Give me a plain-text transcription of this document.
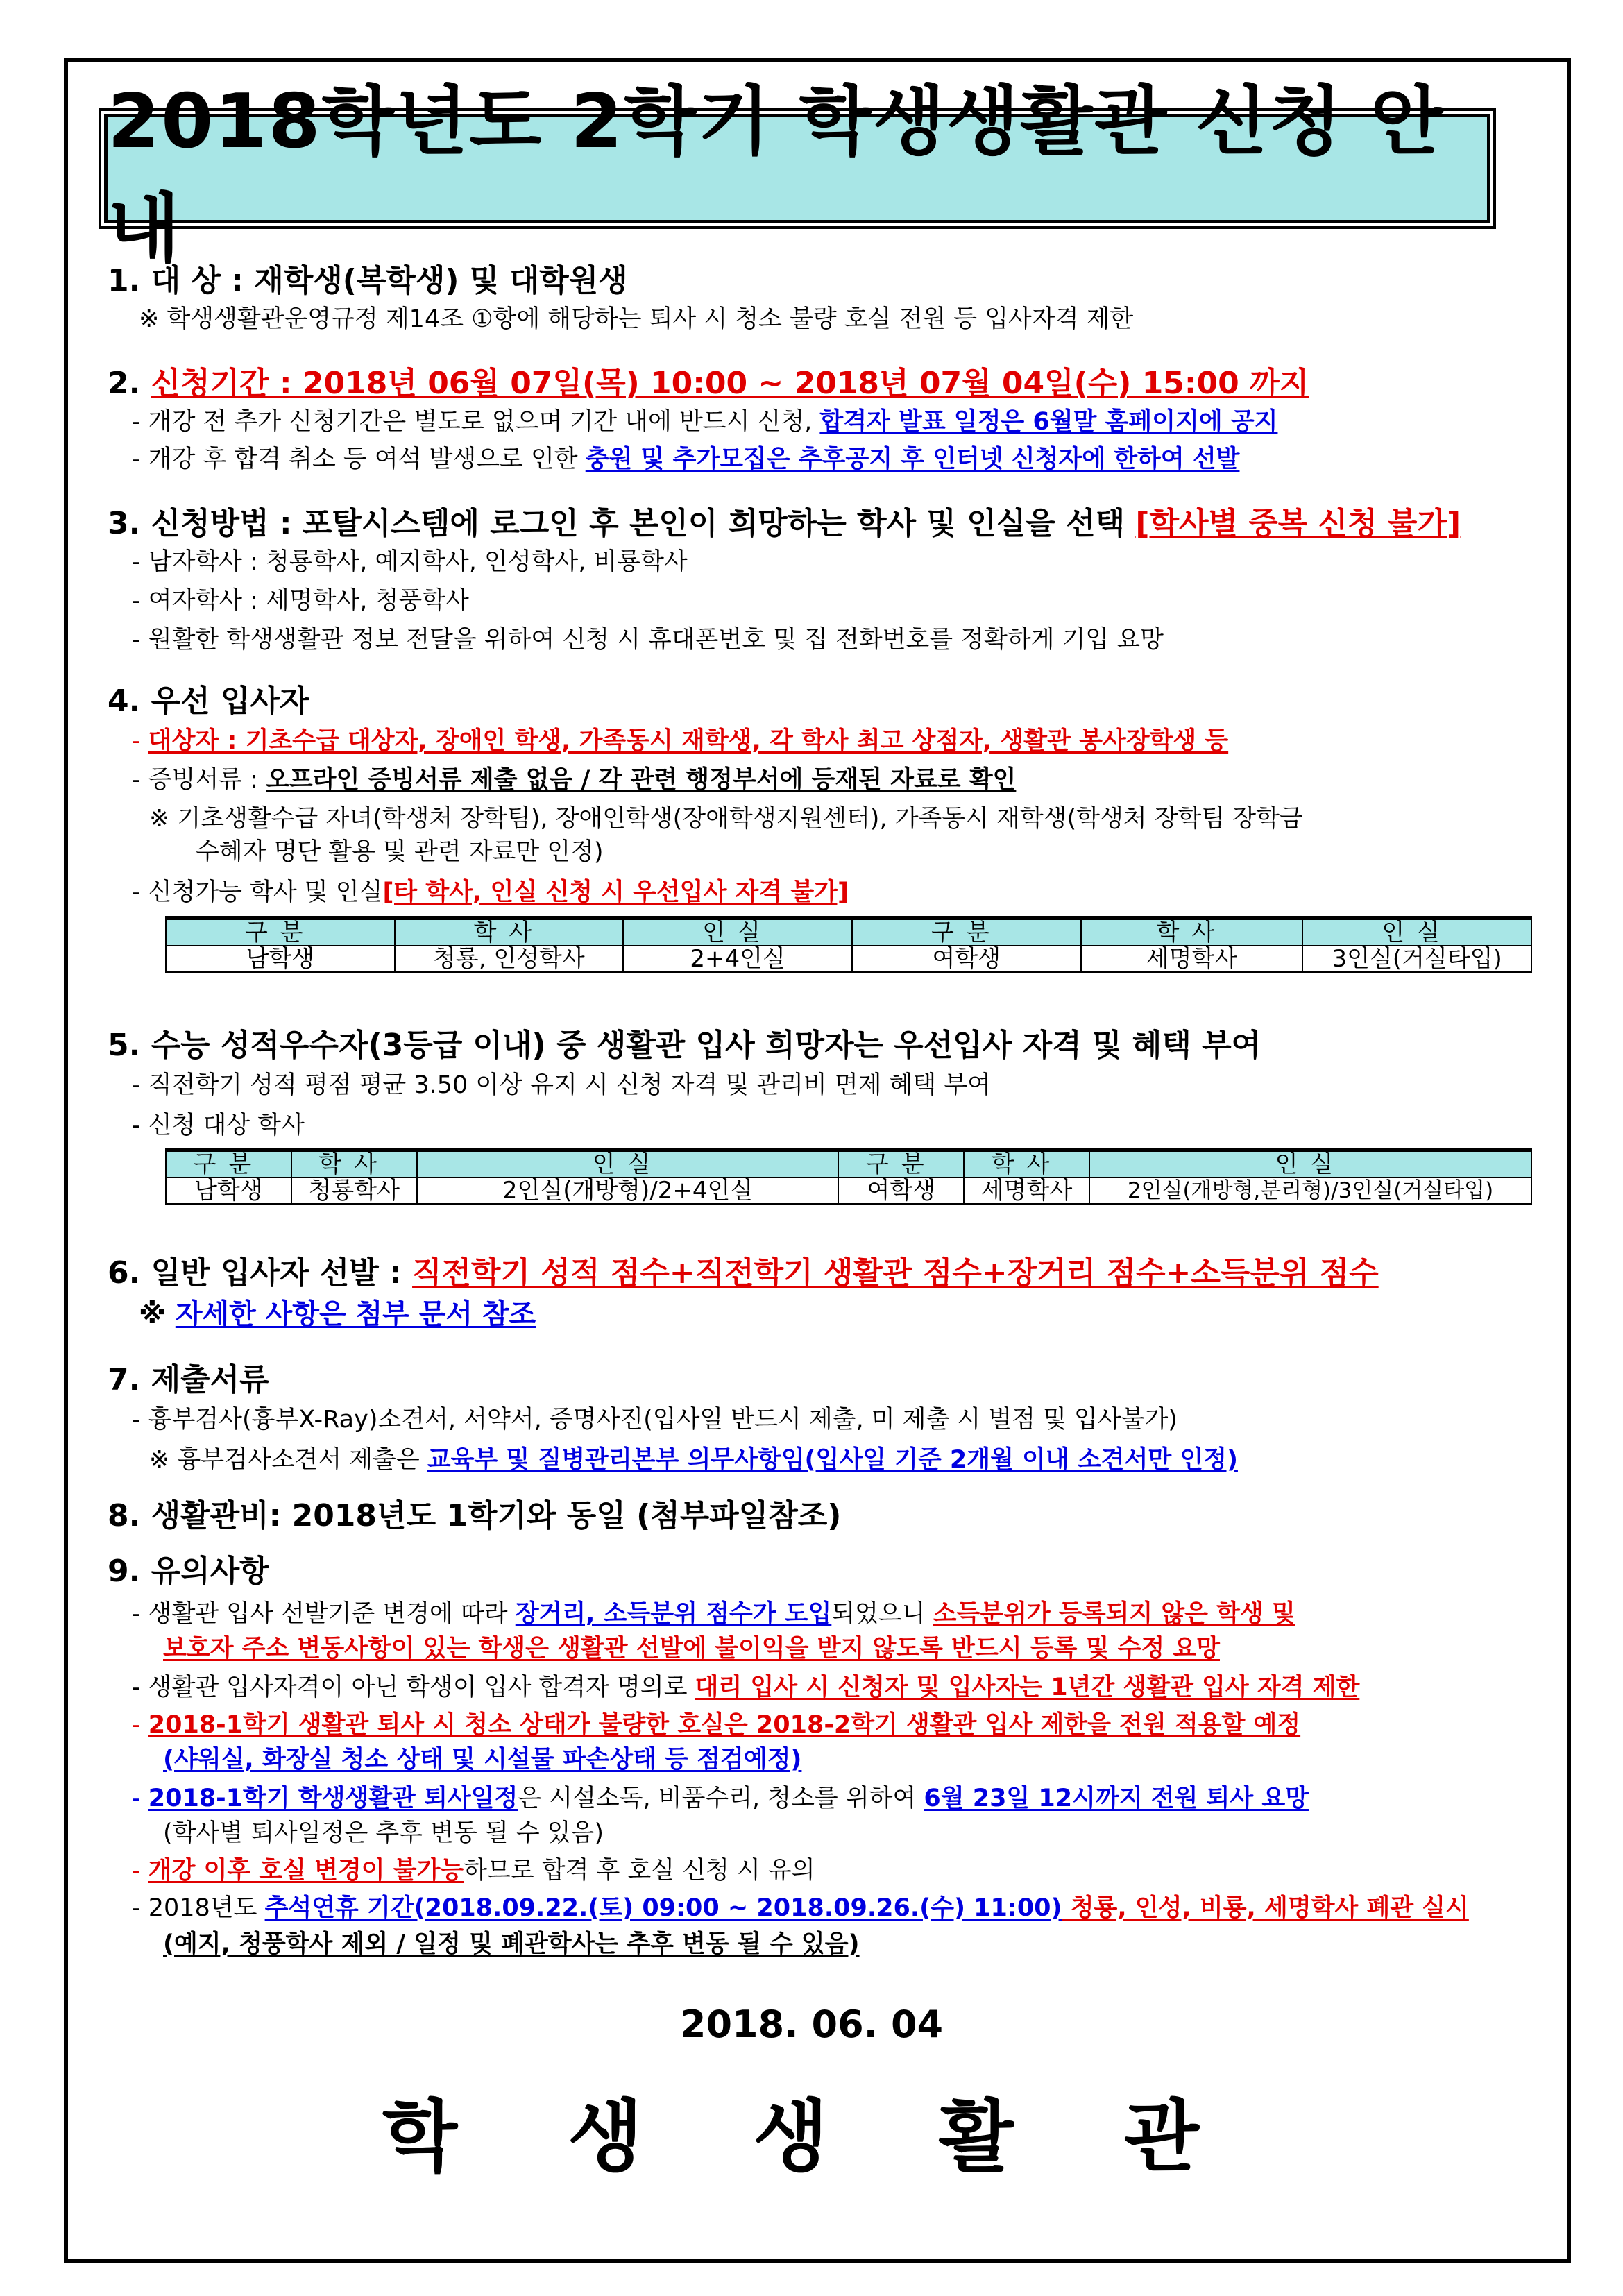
2018학년도 2학기 학생생활관 신청 안내
1. 대 상 : 재학생(복학생) 및 대학원생
※ 학생생활관운영규정 제14조 ①항에 해당하는 퇴사 시 청소 불량 호실 전원 등 입사자격 제한
2. 신청기간 : 2018년 06월 07일(목) 10:00 ~ 2018년 07월 04일(수) 15:00 까지
- 개강 전 추가 신청기간은 별도로 없으며 기간 내에 반드시 신청, 합격자 발표 일정은 6월말 홈페이지에 공지
- 개강 후 합격 취소 등 여석 발생으로 인한 충원 및 추가모집은 추후공지 후 인터넷 신청자에 한하여 선발
3. 신청방법 : 포탈시스템에 로그인 후 본인이 희망하는 학사 및 인실을 선택 [학사별 중복 신청 불가]
- 남자학사 : 청룡학사, 예지학사, 인성학사, 비룡학사
- 여자학사 : 세명학사, 청풍학사
- 원활한 학생생활관 정보 전달을 위하여 신청 시 휴대폰번호 및 집 전화번호를 정확하게 기입 요망
4. 우선 입사자
- 대상자 : 기초수급 대상자, 장애인 학생, 가족동시 재학생, 각 학사 최고 상점자, 생활관 봉사장학생 등
- 증빙서류 : 오프라인 증빙서류 제출 없음 / 각 관련 행정부서에 등재된 자료로 확인
※ 기초생활수급 자녀(학생처 장학팀), 장애인학생(장애학생지원센터), 가족동시 재학생(학생처 장학팀 장학금
수혜자 명단 활용 및 관련 자료만 인정)
- 신청가능 학사 및 인실[타 학사, 인실 신청 시 우선입사 자격 불가]
구분	학사	인실	구분	학사	인실
남학생	청룡, 인성학사	2+4인실	여학생	세명학사	3인실(거실타입)
5. 수능 성적우수자(3등급 이내) 중 생활관 입사 희망자는 우선입사 자격 및 혜택 부여
- 직전학기 성적 평점 평균 3.50 이상 유지 시 신청 자격 및 관리비 면제 혜택 부여
- 신청 대상 학사
구분	학사	인실	구분	학사	인실
남학생	청룡학사	2인실(개방형)/2+4인실	여학생	세명학사	2인실(개방형,분리형)/3인실(거실타입)
6. 일반 입사자 선발 : 직전학기 성적 점수+직전학기 생활관 점수+장거리 점수+소득분위 점수
※ 자세한 사항은 첨부 문서 참조
7. 제출서류
- 흉부검사(흉부X-Ray)소견서, 서약서, 증명사진(입사일 반드시 제출, 미 제출 시 벌점 및 입사불가)
※ 흉부검사소견서 제출은 교육부 및 질병관리본부 의무사항임(입사일 기준 2개월 이내 소견서만 인정)
8. 생활관비: 2018년도 1학기와 동일 (첨부파일참조)
9. 유의사항
- 생활관 입사 선발기준 변경에 따라 장거리, 소득분위 점수가 도입되었으니 소득분위가 등록되지 않은 학생 및
보호자 주소 변동사항이 있는 학생은 생활관 선발에 불이익을 받지 않도록 반드시 등록 및 수정 요망
- 생활관 입사자격이 아닌 학생이 입사 합격자 명의로 대리 입사 시 신청자 및 입사자는 1년간 생활관 입사 자격 제한
- 2018-1학기 생활관 퇴사 시 청소 상태가 불량한 호실은 2018-2학기 생활관 입사 제한을 전원 적용할 예정
(샤워실, 화장실 청소 상태 및 시설물 파손상태 등 점검예정)
- 2018-1학기 학생생활관 퇴사일정은 시설소독, 비품수리, 청소를 위하여 6월 23일 12시까지 전원 퇴사 요망
(학사별 퇴사일정은 추후 변동 될 수 있음)
- 개강 이후 호실 변경이 불가능하므로 합격 후 호실 신청 시 유의
- 2018년도 추석연휴 기간(2018.09.22.(토) 09:00 ~ 2018.09.26.(수) 11:00) 청룡, 인성, 비룡, 세명학사 폐관 실시
(예지, 청풍학사 제외 / 일정 및 폐관학사는 추후 변동 될 수 있음)
2018. 06. 04
학 생 생 활 관
